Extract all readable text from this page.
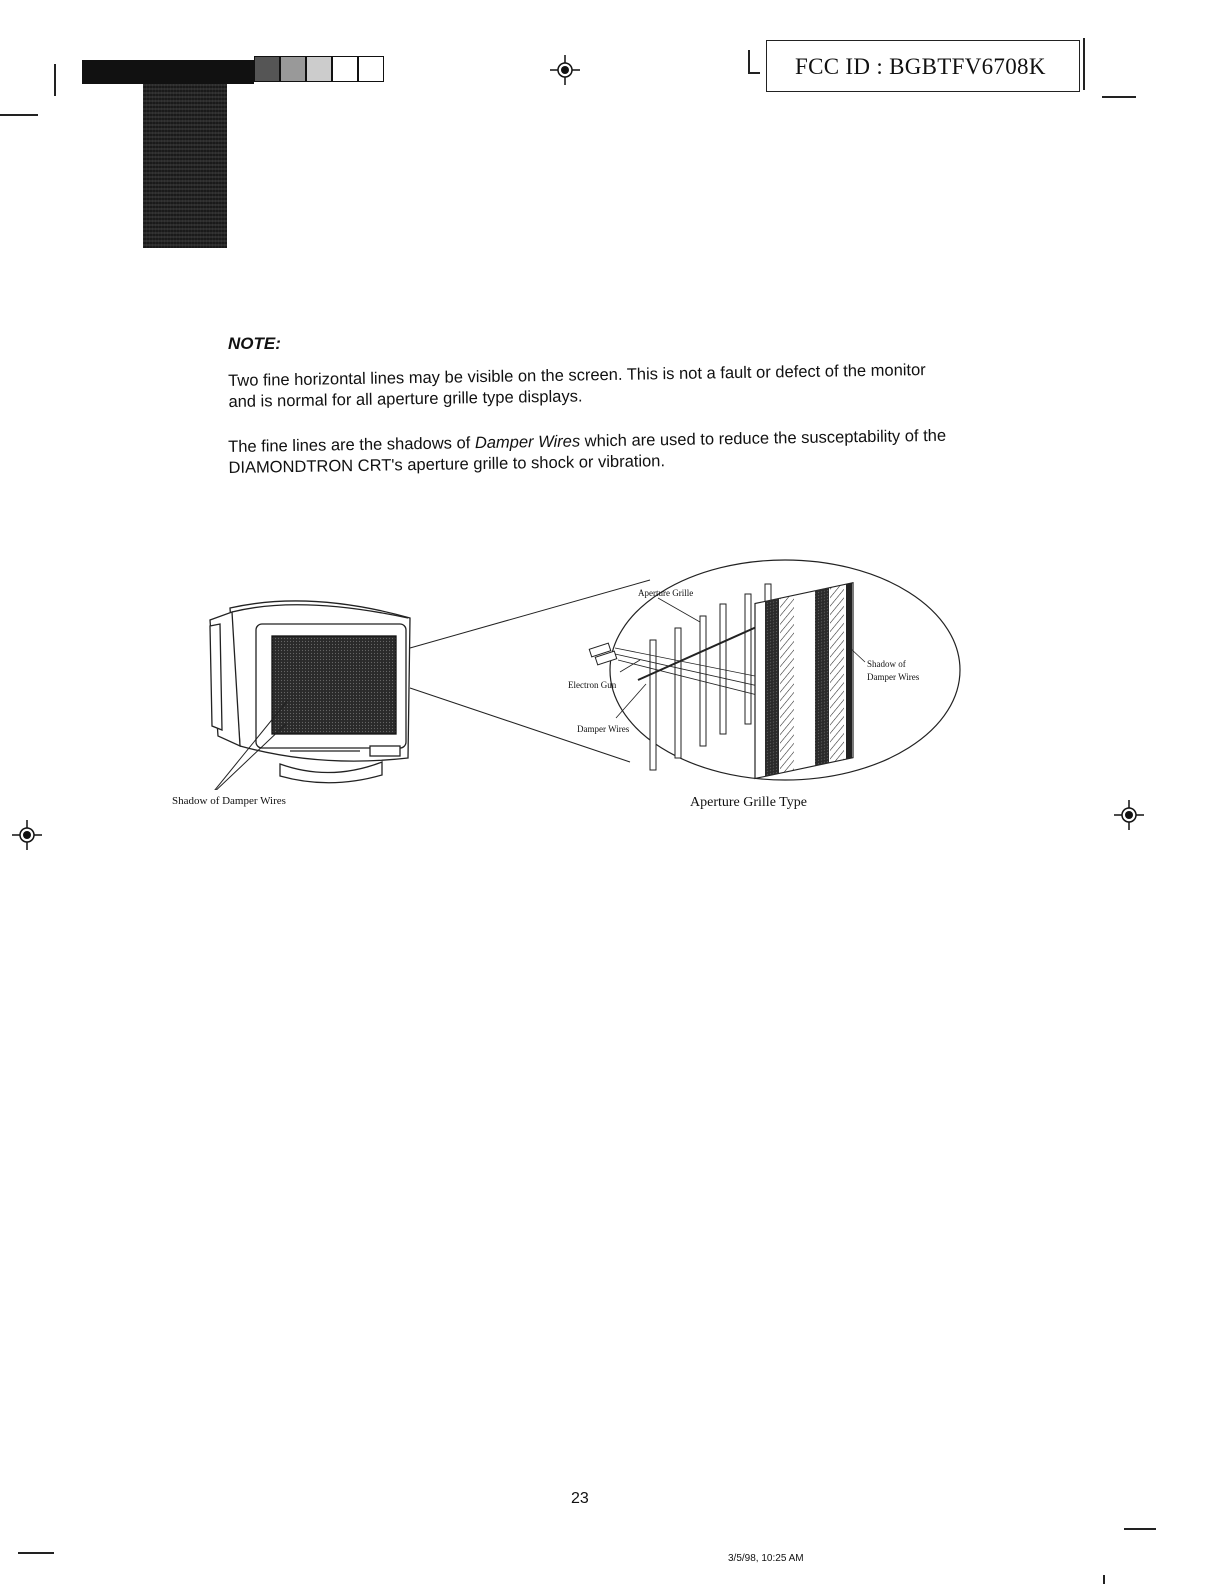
FCC ID : BGBTFV6708K
NOTE:
Two fine horizontal lines may be visible on the screen. This is not a fault or defect of the monitor and is normal for all aperture grille type displays.
The fine lines are the shadows of Damper Wires which are used to reduce the susceptability of the DIAMONDTRON CRT's aperture grille to shock or vibration.
Aperture Grille
Electron Gun
Damper Wires
Shadow of
Damper Wires
Shadow of Damper Wires	Aperture Grille Type
23
3/5/98, 10:25 AM
